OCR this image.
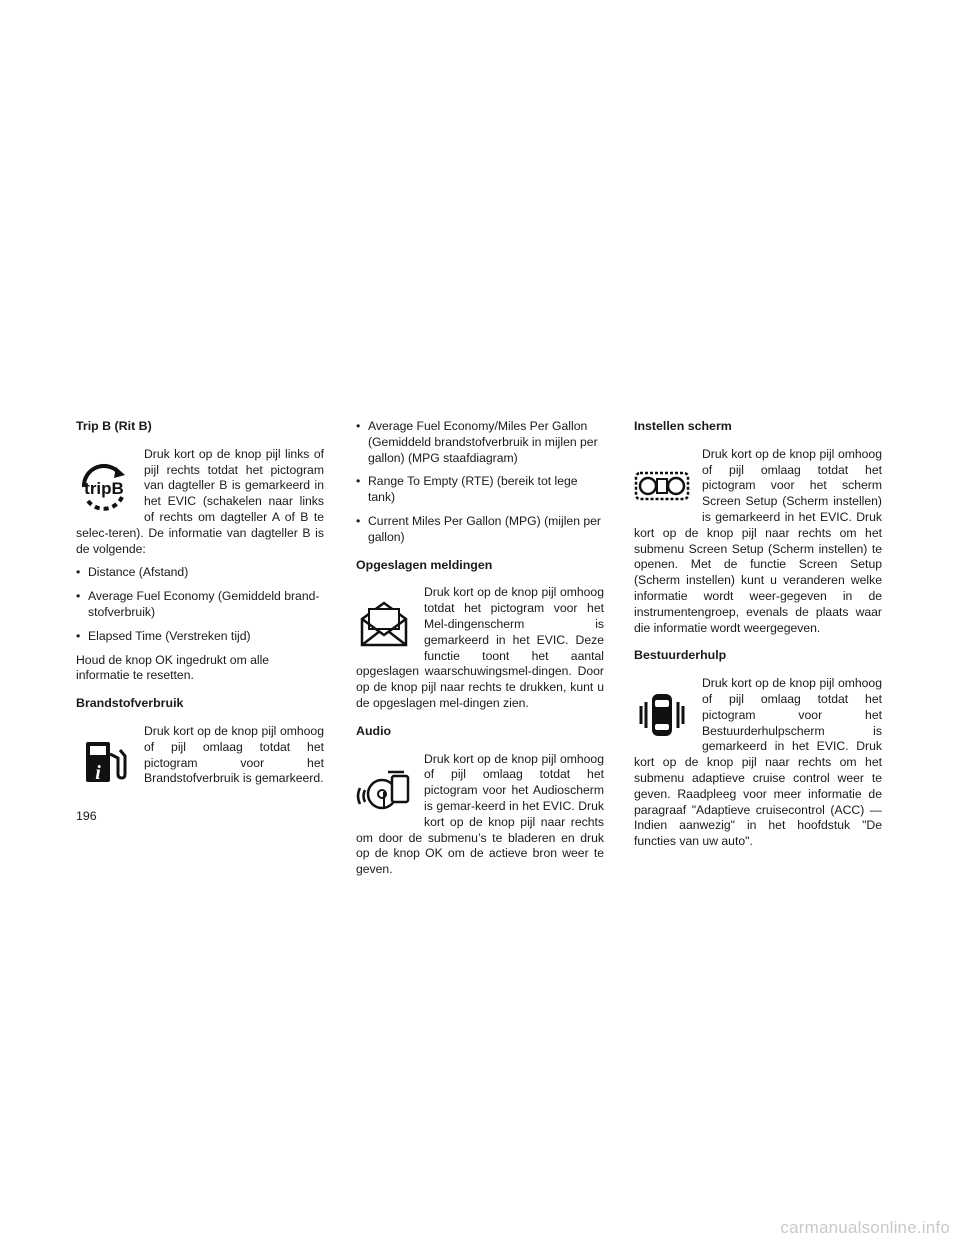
Trip B (Rit B)
tripB

Druk kort op de knop pijl links of pijl rechts totdat het pictogram van dagteller B is gemarkeerd in het EVIC (schakelen naar links of rechts om dagteller A of B te selec-teren). De informatie van dagteller B is de volgende:

• Distance (Afstand)
• Average Fuel Economy (Gemiddeld brand-stofverbruik)
• Elapsed Time (Verstreken tijd)

Houd de knop OK ingedrukt om alle informatie te resetten.

Brandstofverbruik
i

Druk kort op de knop pijl omhoog of pijl omlaag totdat het pictogram voor het Brandstofverbruik is gemarkeerd.

• Average Fuel Economy/Miles Per Gallon (Gemiddeld brandstofverbruik in mijlen per gallon) (MPG staafdiagram)
• Range To Empty (RTE) (bereik tot lege tank)
• Current Miles Per Gallon (MPG) (mijlen per gallon)
Opgeslagen meldingen

Druk kort op de knop pijl omhoog totdat het pictogram voor het Mel-dingenscherm is gemarkeerd in het EVIC. Deze functie toont het aantal opgeslagen waarschuwingsmel-dingen. Door op de knop pijl naar rechts te drukken, kunt u de opgeslagen mel-dingen zien.

Audio

Druk kort op de knop pijl omhoog of pijl omlaag totdat het pictogram voor het Audioscherm is gemar-keerd in het EVIC. Druk kort op de knop pijl naar rechts om door de submenu’s te bladeren en druk op de knop OK om de actieve bron weer te geven.

Instellen scherm

Druk kort op de knop pijl omhoog of pijl omlaag totdat het pictogram voor het scherm Screen Setup (Scherm instellen) is gemarkeerd in het EVIC. Druk kort op de knop pijl naar rechts om het submenu Screen Setup (Scherm instellen) te openen. Met de functie Screen Setup (Scherm instellen) kunt u veranderen welke informatie wordt weer-gegeven in de instrumentengroep, evenals de plaats waar die informatie wordt weergegeven.

Bestuurderhulp

Druk kort op de knop pijl omhoog of pijl omlaag totdat het pictogram voor het Bestuurderhulpscherm is gemarkeerd in het EVIC. Druk kort op de knop pijl naar rechts om het submenu adaptieve cruise control weer te geven. Raadpleeg voor meer informatie de paragraaf "Adaptieve cruisecontrol (ACC) — Indien aanwezig" in het hoofdstuk "De functies van uw auto".

196
carmanualsonline.info
